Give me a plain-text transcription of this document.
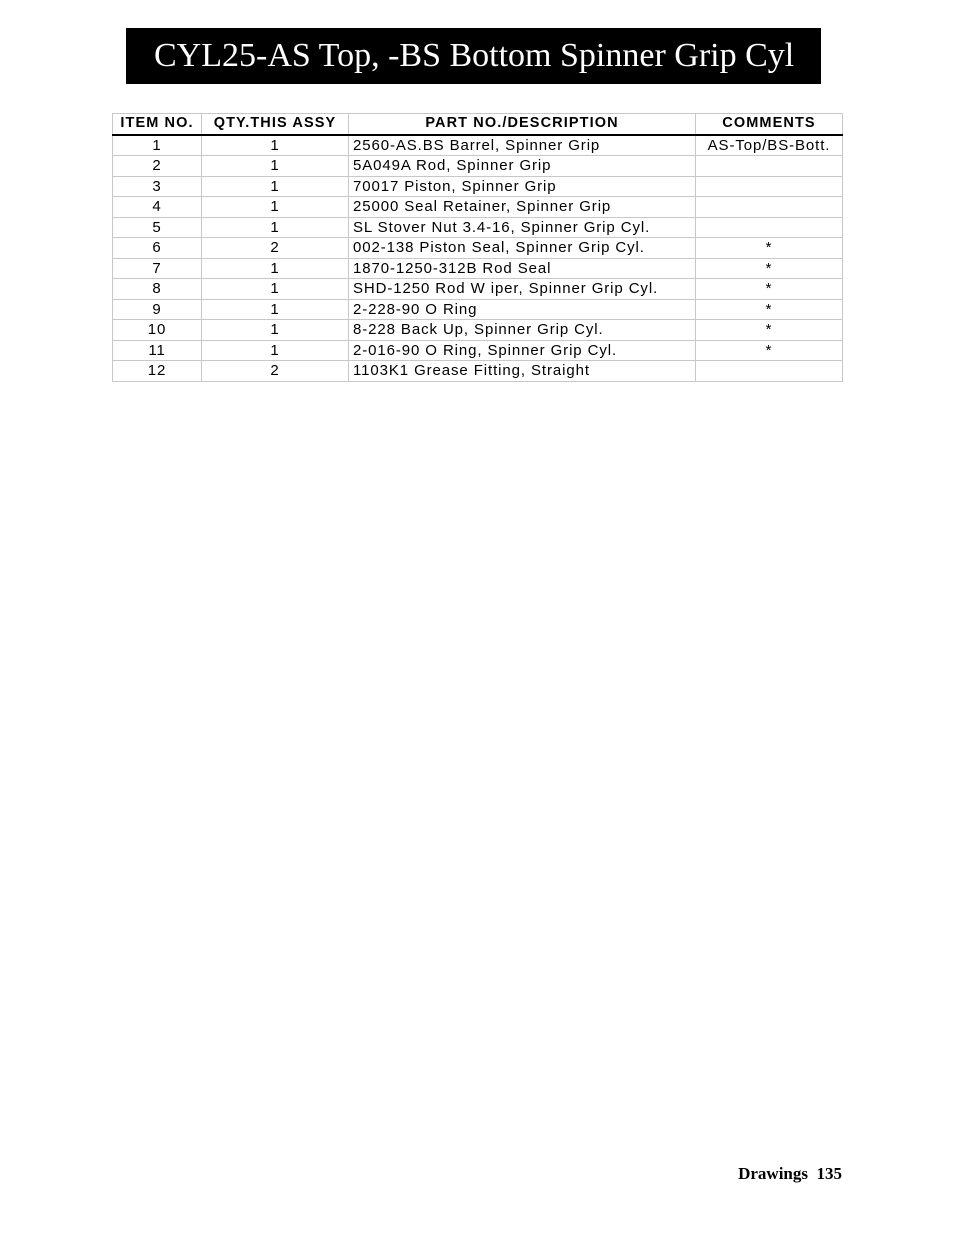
CYL25-AS Top, -BS Bottom Spinner Grip Cyl
ITEM NO.	QTY.THIS ASSY	PART NO./DESCRIPTION	COMMENTS
1	1	2560-AS.BS Barrel, Spinner Grip	AS-Top/BS-Bott.
2	1	5A049A Rod, Spinner Grip	
3	1	70017 Piston, Spinner Grip	
4	1	25000 Seal Retainer, Spinner Grip	
5	1	SL Stover Nut 3.4-16, Spinner Grip Cyl.	
6	2	002-138 Piston Seal, Spinner Grip Cyl.	*
7	1	1870-1250-312B Rod Seal	*
8	1	SHD-1250 Rod W iper, Spinner Grip Cyl.	*
9	1	2-228-90 O Ring	*
10	1	8-228 Back Up, Spinner Grip Cyl.	*
11	1	2-016-90 O Ring, Spinner Grip Cyl.	*
12	2	1103K1 Grease Fitting, Straight	
Drawings 135
